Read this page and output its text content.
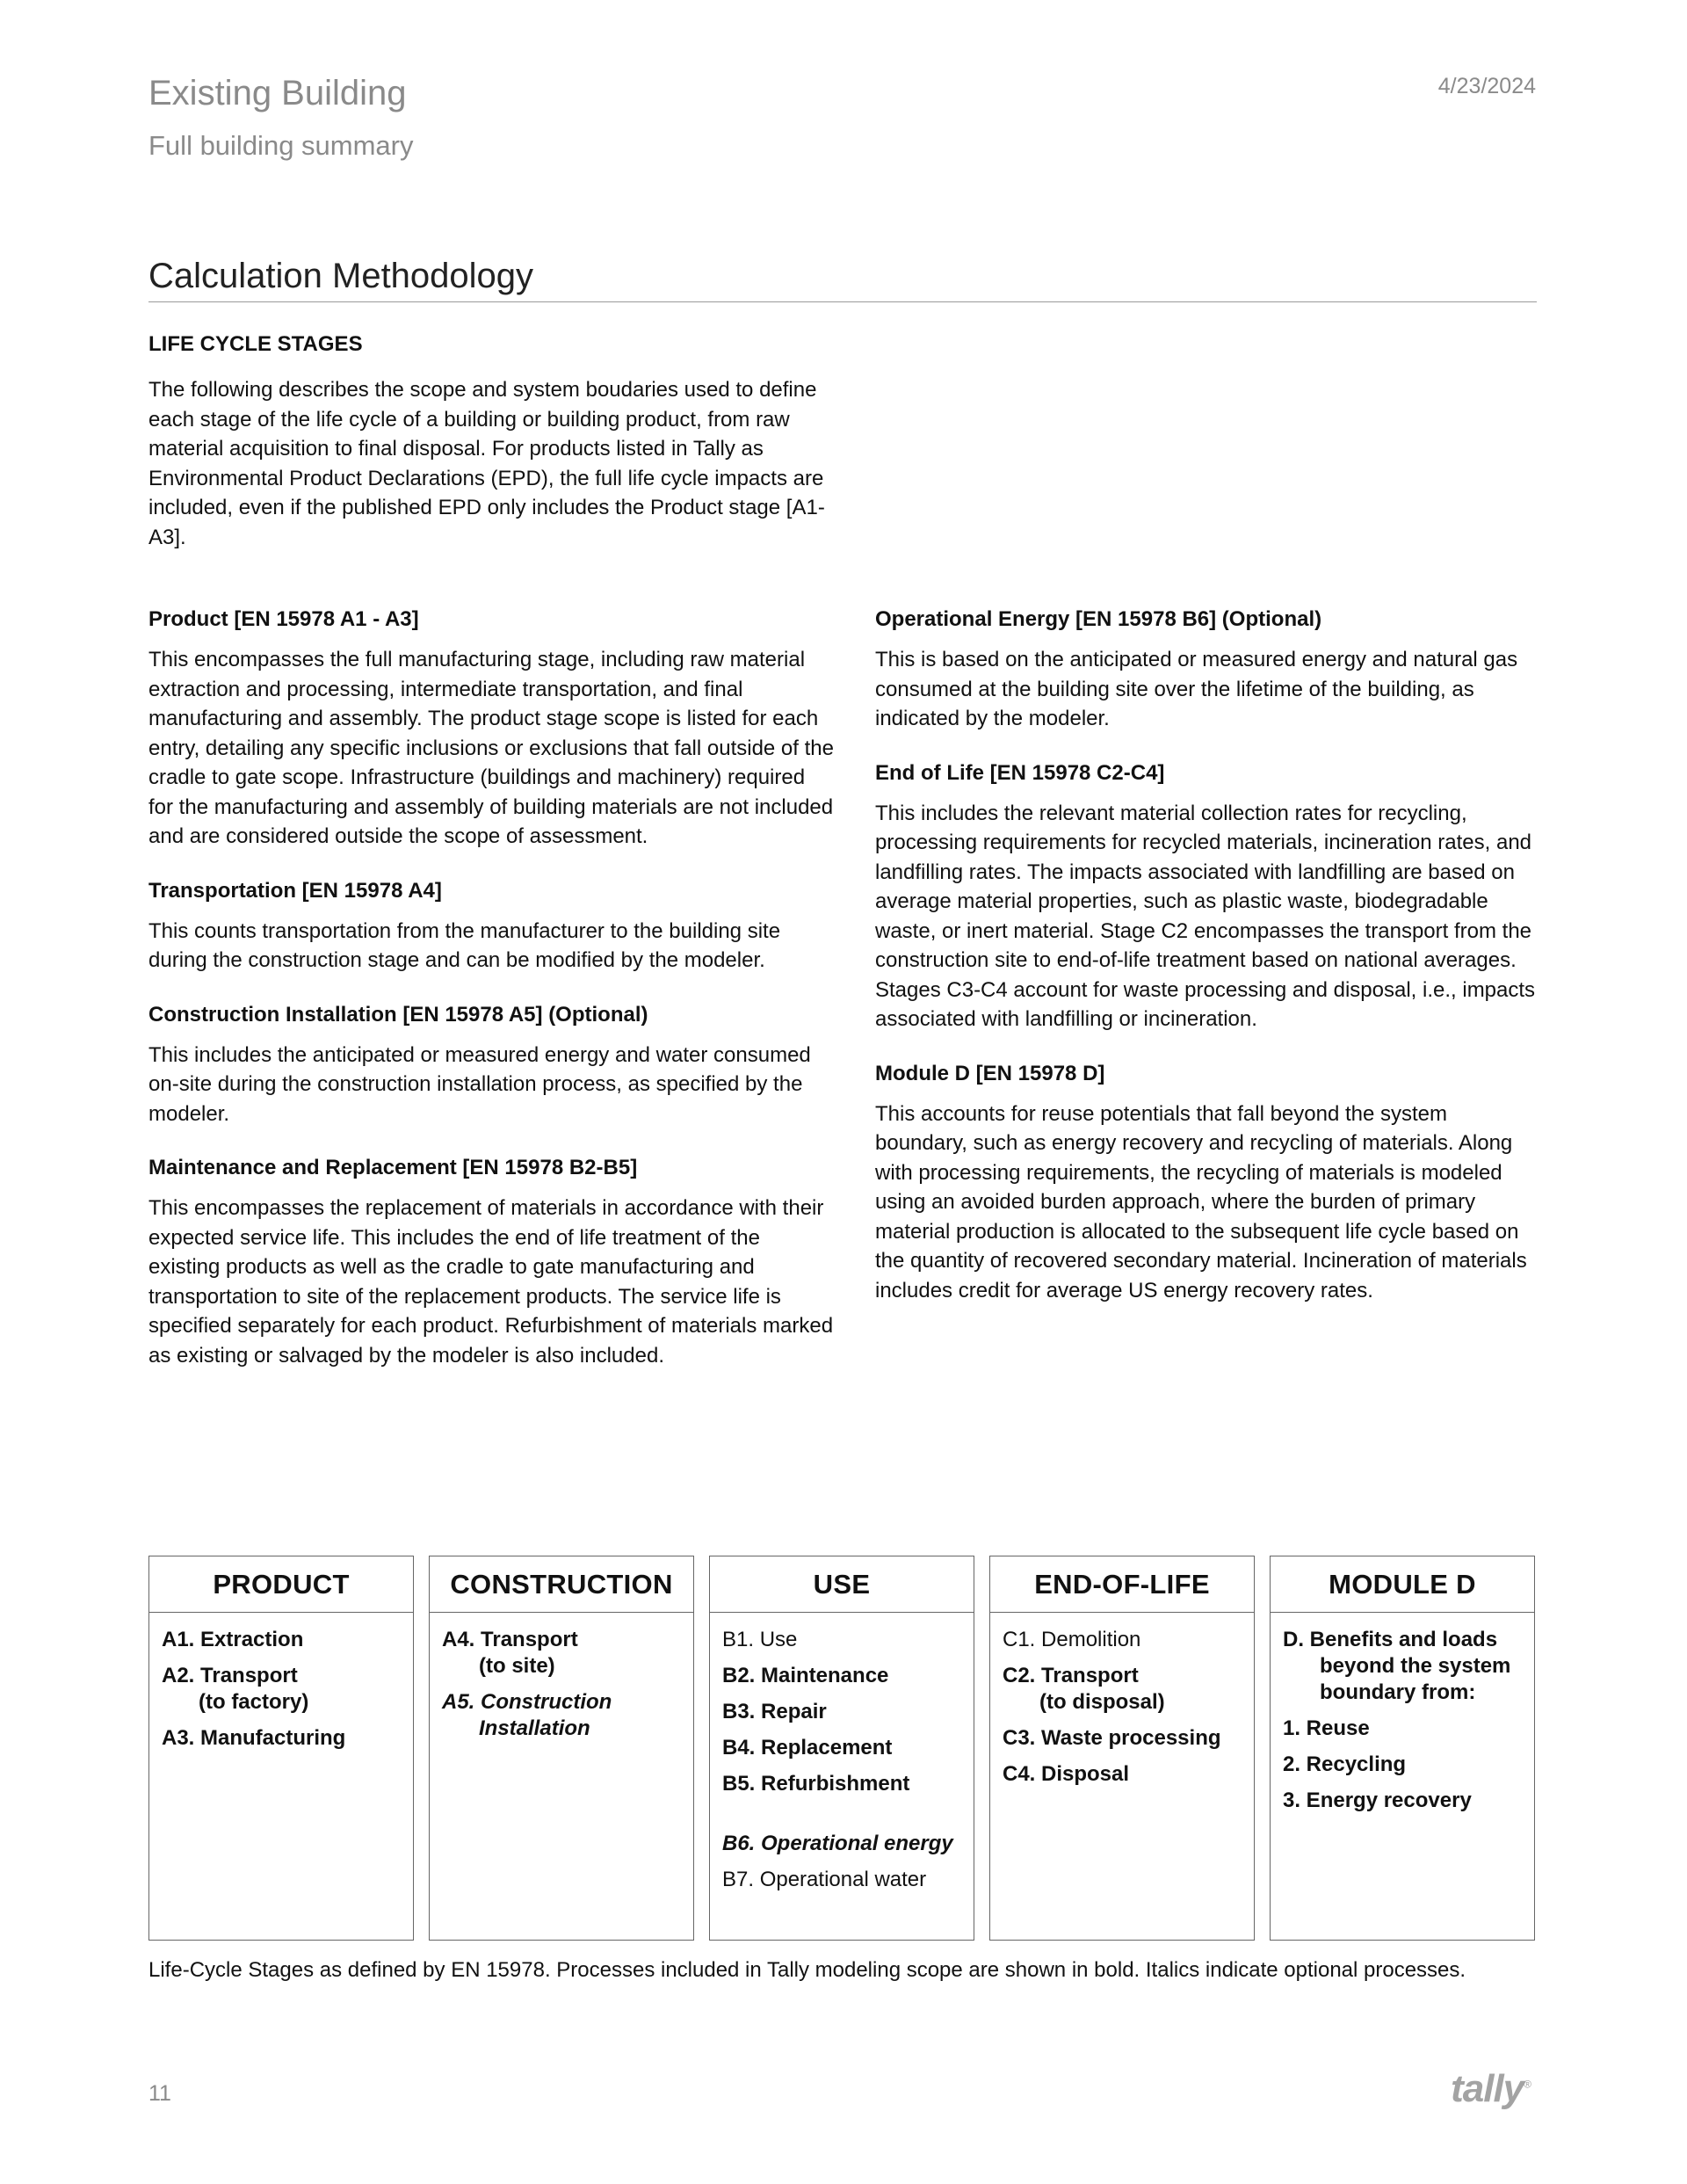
Existing Building
Full building summary
4/23/2024
Calculation Methodology
LIFE CYCLE STAGES

The following describes the scope and system boudaries used to define each stage of the life cycle of a building or building product, from raw material acquisition to final disposal. For products listed in Tally as Environmental Product Declarations (EPD), the full life cycle impacts are included, even if the published EPD only includes the Product stage [A1-A3].

Product [EN 15978 A1 - A3]

This encompasses the full manufacturing stage, including raw material extraction and processing, intermediate transportation, and final manufacturing and assembly. The product stage scope is listed for each entry, detailing any specific inclusions or exclusions that fall outside of the cradle to gate scope. Infrastructure (buildings and machinery) required for the manufacturing and assembly of building materials are not included and are considered outside the scope of assessment.

Transportation [EN 15978 A4]

This counts transportation from the manufacturer to the building site during the construction stage and can be modified by the modeler.

Construction Installation [EN 15978 A5] (Optional)

This includes the anticipated or measured energy and water consumed on-site during the construction installation process, as specified by the modeler.

Maintenance and Replacement [EN 15978 B2-B5]

This encompasses the replacement of materials in accordance with their expected service life. This includes the end of life treatment of the existing products as well as the cradle to gate manufacturing and transportation to site of the replacement products. The service life is specified separately for each product. Refurbishment of materials marked as existing or salvaged by the modeler is also included.

Operational Energy [EN 15978 B6] (Optional)

This is based on the anticipated or measured energy and natural gas consumed at the building site over the lifetime of the building, as indicated by the modeler.

End of Life [EN 15978 C2-C4]

This includes the relevant material collection rates for recycling, processing requirements for recycled materials, incineration rates, and landfilling rates. The impacts associated with landfilling are based on average material properties, such as plastic waste, biodegradable waste, or inert material. Stage C2 encompasses the transport from the construction site to end-of-life treatment based on national averages. Stages C3-C4 account for waste processing and disposal, i.e., impacts associated with landfilling or incineration.

Module D [EN 15978 D]

This accounts for reuse potentials that fall beyond the system boundary, such as energy recovery and recycling of materials. Along with processing requirements, the recycling of materials is modeled using an avoided burden approach, where the burden of primary material production is allocated to the subsequent life cycle based on the quantity of recovered secondary material. Incineration of materials includes credit for average US energy recovery rates.

PRODUCT
A1. Extraction
A2. Transport
(to factory)
A3. Manufacturing
CONSTRUCTION
A4. Transport
(to site)
A5. Construction
Installation
USE
B1. Use
B2. Maintenance
B3. Repair
B4. Replacement
B5. Refurbishment
B6. Operational energy
B7. Operational water
END-OF-LIFE
C1. Demolition
C2. Transport
(to disposal)
C3. Waste processing
C4. Disposal
MODULE D
D. Benefits and loads
beyond the system boundary from:
1. Reuse
2. Recycling
3. Energy recovery
Life-Cycle Stages as defined by EN 15978. Processes included in Tally modeling scope are shown in bold. Italics indicate optional processes.
11	tally®
